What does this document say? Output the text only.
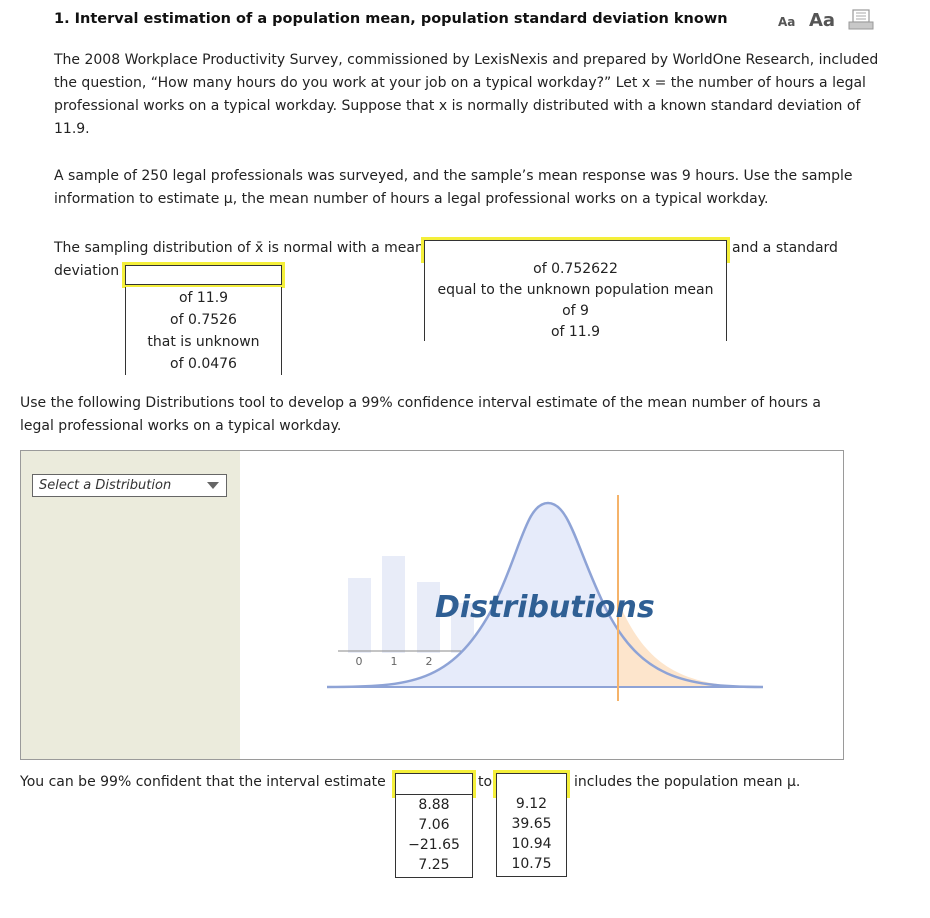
1. Interval estimation of a population mean, population standard deviation known	Aa Aa
The 2008 Workplace Productivity Survey, commissioned by LexisNexis and prepared by WorldOne Research, included
the question, “How many hours do you work at your job on a typical workday?” Let x = the number of hours a legal
professional works on a typical workday. Suppose that x is normally distributed with a known standard deviation of
11.9.
A sample of 250 legal professionals was surveyed, and the sample’s mean response was 9 hours. Use the sample
information to estimate μ, the mean number of hours a legal professional works on a typical workday.
The sampling distribution of x̄ is normal with a mean	and a standard
deviation	of 0.752622
equal to the unknown population mean
of 9
of 11.9
of 11.9
of 0.7526
that is unknown
of 0.0476
Use the following Distributions tool to develop a 99% confidence interval estimate of the mean number of hours a
legal professional works on a typical workday.
Select a Distribution
0	1	2
Distributions
You can be 99% confident that the interval estimate	to	includes the population mean μ.
8.88
7.06
−21.65
7.25
9.12
39.65
10.94
10.75
